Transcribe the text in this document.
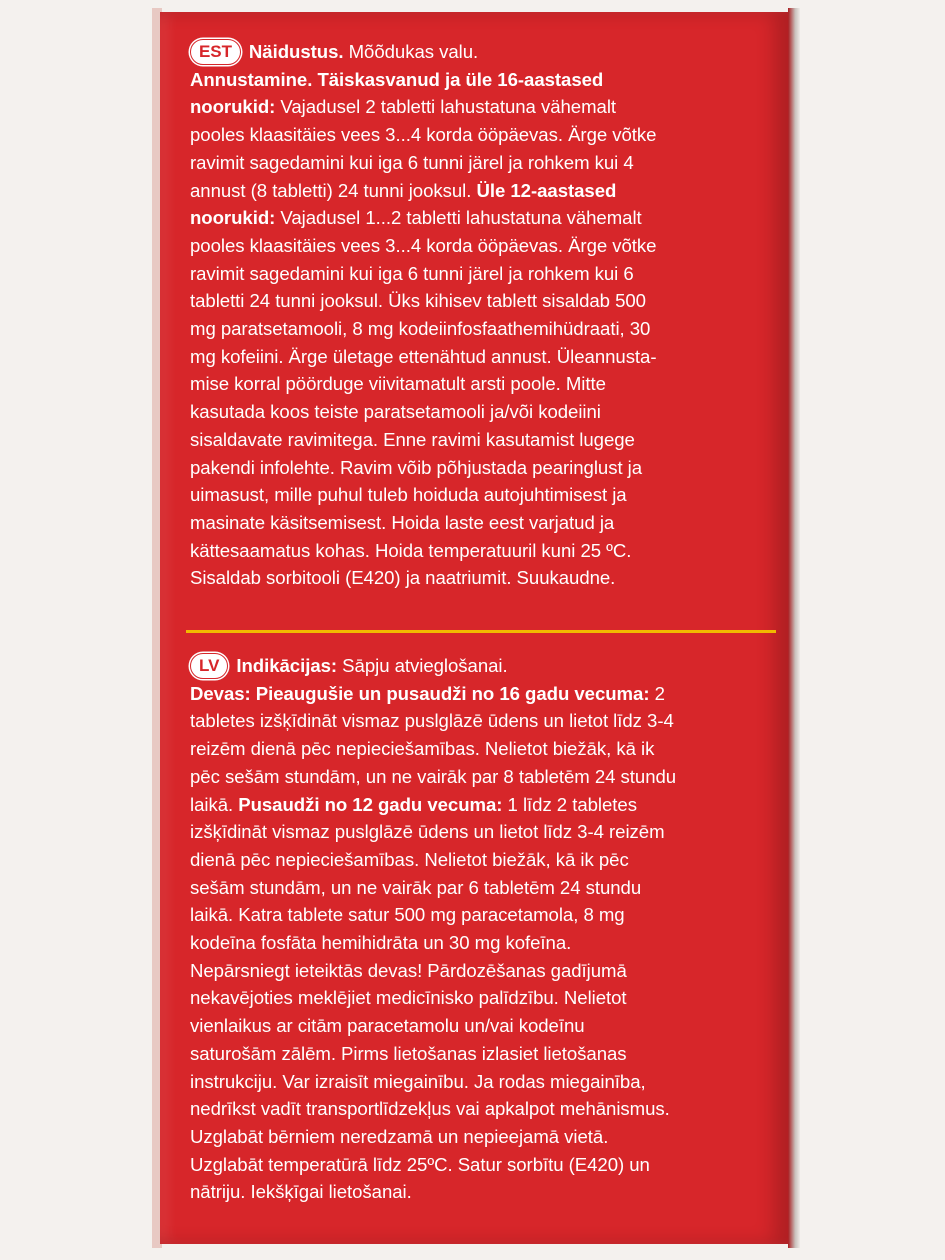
EST Näidustus. Mõõdukas valu.
Annustamine. Täiskasvanud ja üle 16-aastased
noorukid: Vajadusel 2 tabletti lahustatuna vähemalt
pooles klaasitäies vees 3...4 korda ööpäevas. Ärge võtke
ravimit sagedamini kui iga 6 tunni järel ja rohkem kui 4
annust (8 tabletti) 24 tunni jooksul. Üle 12-aastased
noorukid: Vajadusel 1...2 tabletti lahustatuna vähemalt
pooles klaasitäies vees 3...4 korda ööpäevas. Ärge võtke
ravimit sagedamini kui iga 6 tunni järel ja rohkem kui 6
tabletti 24 tunni jooksul. Üks kihisev tablett sisaldab 500
mg paratsetamooli, 8 mg kodeiinfosfaathemihüdraati, 30
mg kofeiini. Ärge ületage ettenähtud annust. Üleannusta-
mise korral pöörduge viivitamatult arsti poole. Mitte
kasutada koos teiste paratsetamooli ja/või kodeiini
sisaldavate ravimitega. Enne ravimi kasutamist lugege
pakendi infolehte. Ravim võib põhjustada pearinglust ja
uimasust, mille puhul tuleb hoiduda autojuhtimisest ja
masinate käsitsemisest. Hoida laste eest varjatud ja
kättesaamatus kohas. Hoida temperatuuril kuni 25 ºC.
Sisaldab sorbitooli (E420) ja naatriumit. Suukaudne.
LV Indikācijas: Sāpju atvieglošanai.
Devas: Pieaugušie un pusaudži no 16 gadu vecuma: 2
tabletes izšķīdināt vismaz puslglāzē ūdens un lietot līdz 3-4
reizēm dienā pēc nepieciešamības. Nelietot biežāk, kā ik
pēc sešām stundām, un ne vairāk par 8 tabletēm 24 stundu
laikā. Pusaudži no 12 gadu vecuma: 1 līdz 2 tabletes
izšķīdināt vismaz puslglāzē ūdens un lietot līdz 3-4 reizēm
dienā pēc nepieciešamības. Nelietot biežāk, kā ik pēc
sešām stundām, un ne vairāk par 6 tabletēm 24 stundu
laikā. Katra tablete satur 500 mg paracetamola, 8 mg
kodeīna fosfāta hemihidrāta un 30 mg kofeīna.
Nepārsniegt ieteiktās devas! Pārdozēšanas gadījumā
nekavējoties meklējiet medicīnisko palīdzību. Nelietot
vienlaikus ar citām paracetamolu un/vai kodeīnu
saturošām zālēm. Pirms lietošanas izlasiet lietošanas
instrukciju. Var izraisīt miegainību. Ja rodas miegainība,
nedrīkst vadīt transportlīdzekļus vai apkalpot mehānismus.
Uzglabāt bērniem neredzamā un nepieejamā vietā.
Uzglabāt temperatūrā līdz 25ºC. Satur sorbītu (E420) un
nātriju. Iekšķīgai lietošanai.
